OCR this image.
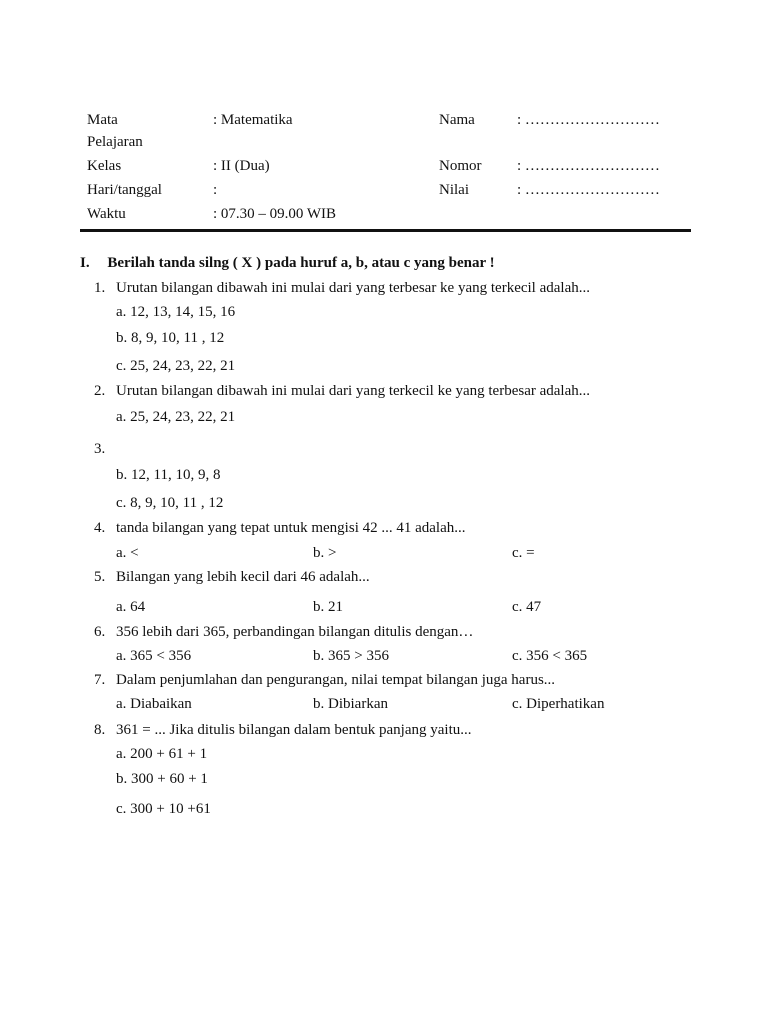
Mata	: Matematika	Nama	: ………………………
Pelajaran
Kelas	: II (Dua)	Nomor : ………………………
Hari/tanggal	:	Nilai	: ………………………
Waktu	: 07.30 – 09.00 WIB
I. Berilah tanda silng ( X ) pada huruf a, b, atau c yang benar !
1. Urutan bilangan dibawah ini mulai dari yang terbesar ke yang terkecil adalah...
a. 12, 13, 14, 15, 16
b. 8, 9, 10, 11 , 12
c. 25, 24, 23, 22, 21
2. Urutan bilangan dibawah ini mulai dari yang terkecil ke yang terbesar adalah...
a. 25, 24, 23, 22, 21
3.
b. 12, 11, 10, 9, 8
c. 8, 9, 10, 11 , 12
4. tanda bilangan yang tepat untuk mengisi 42 ... 41 adalah...
a. <	b. >	c. =
5. Bilangan yang lebih kecil dari 46 adalah...
a. 64	b. 21	c. 47
6. 356 lebih dari 365, perbandingan bilangan ditulis dengan…
a. 365 < 356	b. 365 > 356	c. 356 < 365
7. Dalam penjumlahan dan pengurangan, nilai tempat bilangan juga harus...
a. Diabaikan	b. Dibiarkan	c. Diperhatikan
8. 361 = ... Jika ditulis bilangan dalam bentuk panjang yaitu...
a. 200 + 61 + 1
b. 300 + 60 + 1
c. 300 + 10 +61
